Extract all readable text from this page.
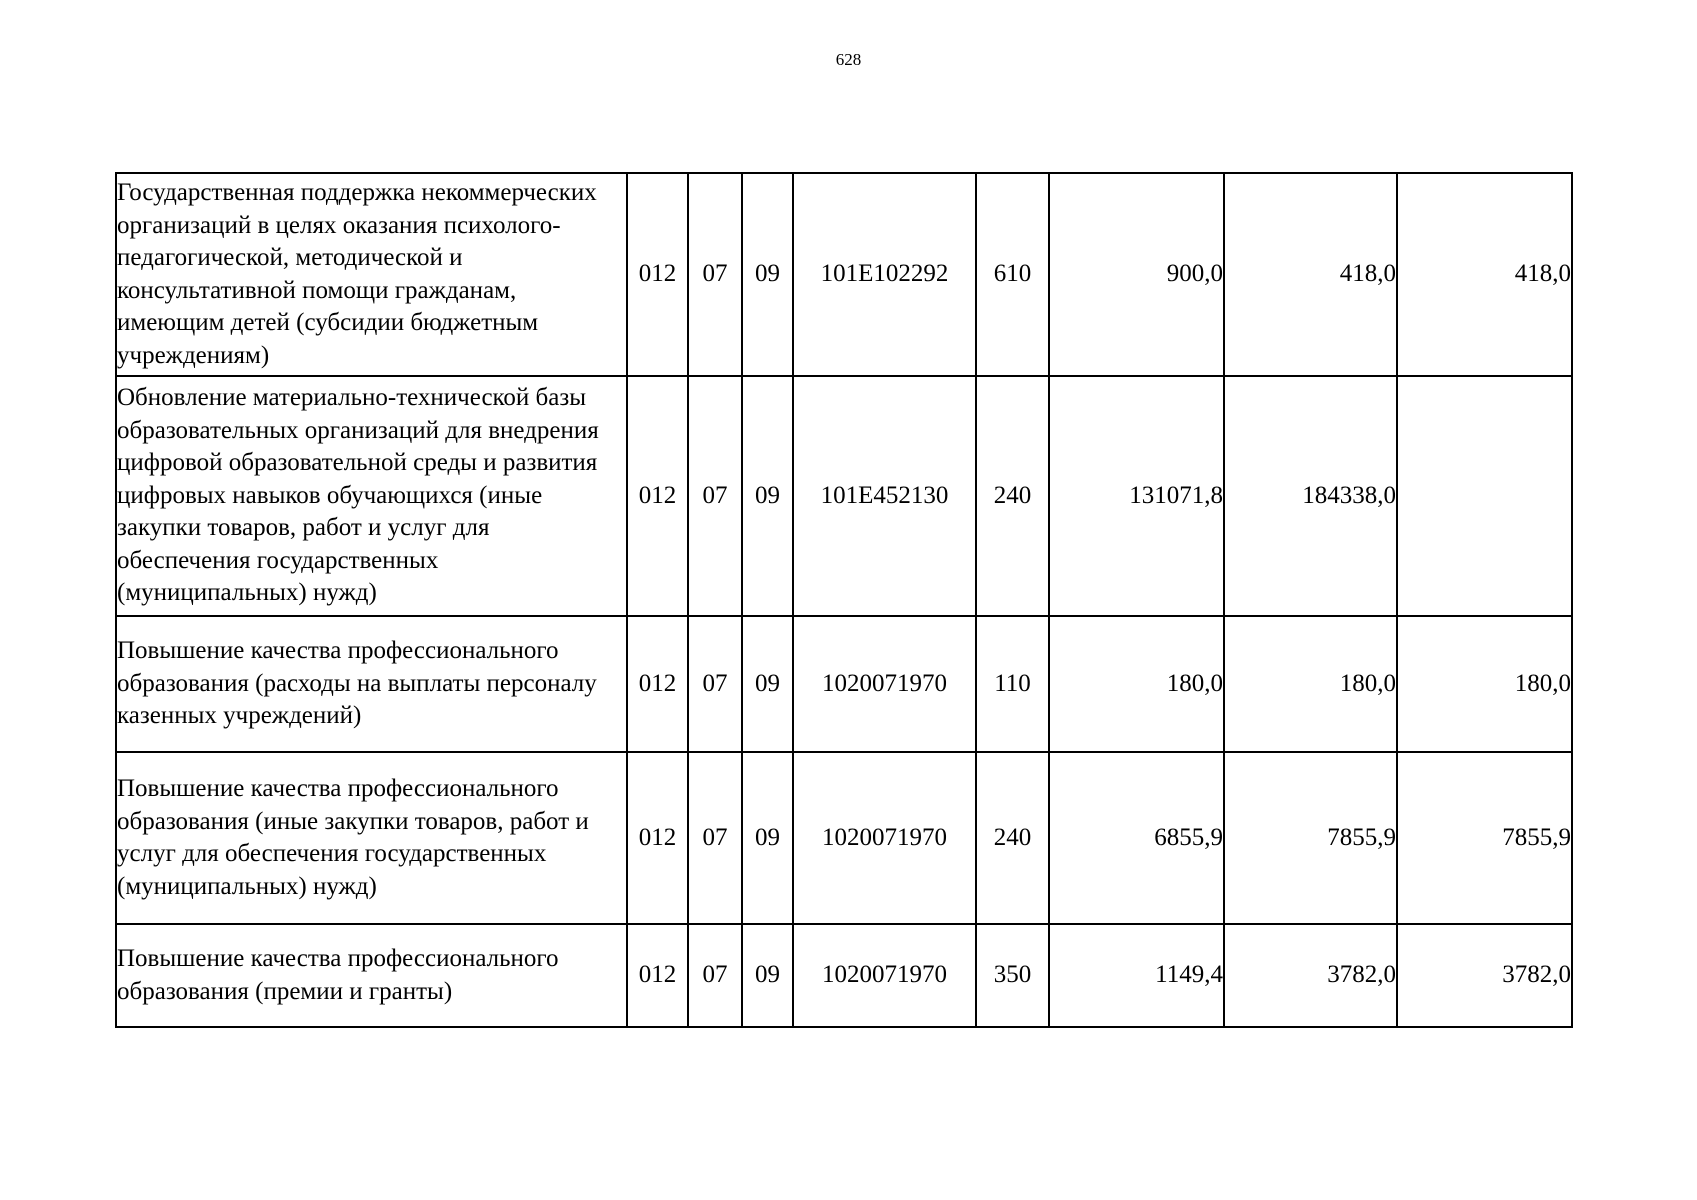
628
Государственная поддержка некоммерческих организаций в целях оказания психолого-педагогической, методической и консультативной помощи гражданам, имеющим детей (субсидии бюджетным учреждениям)	012	07	09	101E102292	610	900,0	418,0	418,0
Обновление материально-технической базы образовательных организаций для внедрения цифровой образовательной среды и развития цифровых навыков обучающихся (иные закупки товаров, работ и услуг для обеспечения государственных (муниципальных) нужд)	012	07	09	101E452130	240	131071,8	184338,0	
Повышение качества профессионального образования (расходы на выплаты персоналу казенных учреждений)	012	07	09	1020071970	110	180,0	180,0	180,0
Повышение качества профессионального образования (иные закупки товаров, работ и услуг для обеспечения государственных (муниципальных) нужд)	012	07	09	1020071970	240	6855,9	7855,9	7855,9
Повышение качества профессионального образования (премии и гранты)	012	07	09	1020071970	350	1149,4	3782,0	3782,0
